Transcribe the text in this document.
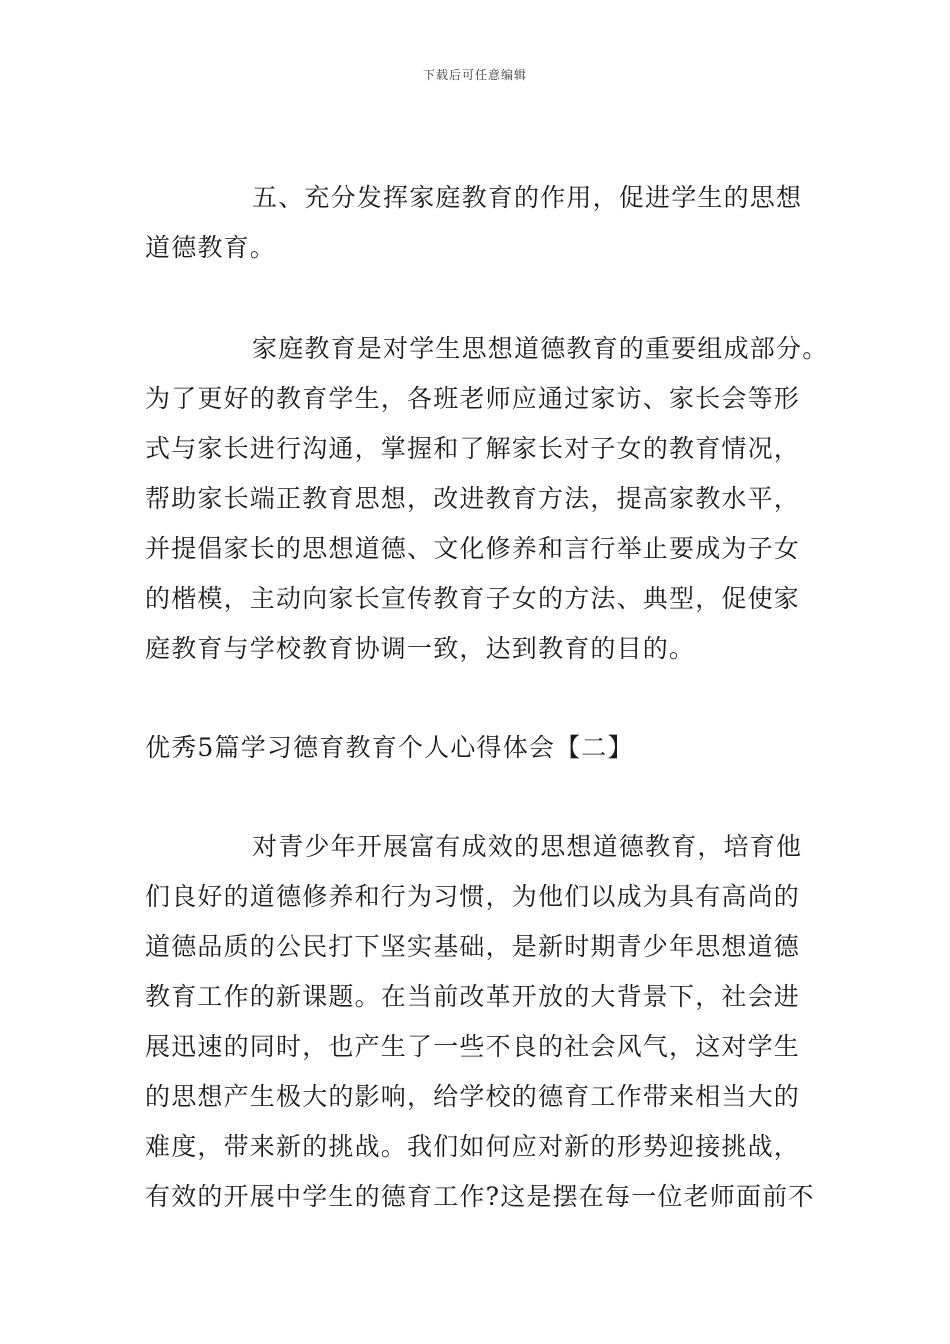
下载后可任意编辑
五、充分发挥家庭教育的作用，促进学生的思想
道德教育。
家庭教育是对学生思想道德教育的重要组成部分。
为了更好的教育学生，各班老师应通过家访、家长会等形
式与家长进行沟通，掌握和了解家长对子女的教育情况，
帮助家长端正教育思想，改进教育方法，提高家教水平，
并提倡家长的思想道德、文化修养和言行举止要成为子女
的楷模，主动向家长宣传教育子女的方法、典型，促使家
庭教育与学校教育协调一致，达到教育的目的。
优秀5篇学习德育教育个人心得体会【二】
对青少年开展富有成效的思想道德教育，培育他
们良好的道德修养和行为习惯，为他们以成为具有高尚的
道德品质的公民打下坚实基础，是新时期青少年思想道德
教育工作的新课题。在当前改革开放的大背景下，社会进
展迅速的同时，也产生了一些不良的社会风气，这对学生
的思想产生极大的影响，给学校的德育工作带来相当大的
难度，带来新的挑战。我们如何应对新的形势迎接挑战，
有效的开展中学生的德育工作?这是摆在每一位老师面前不
